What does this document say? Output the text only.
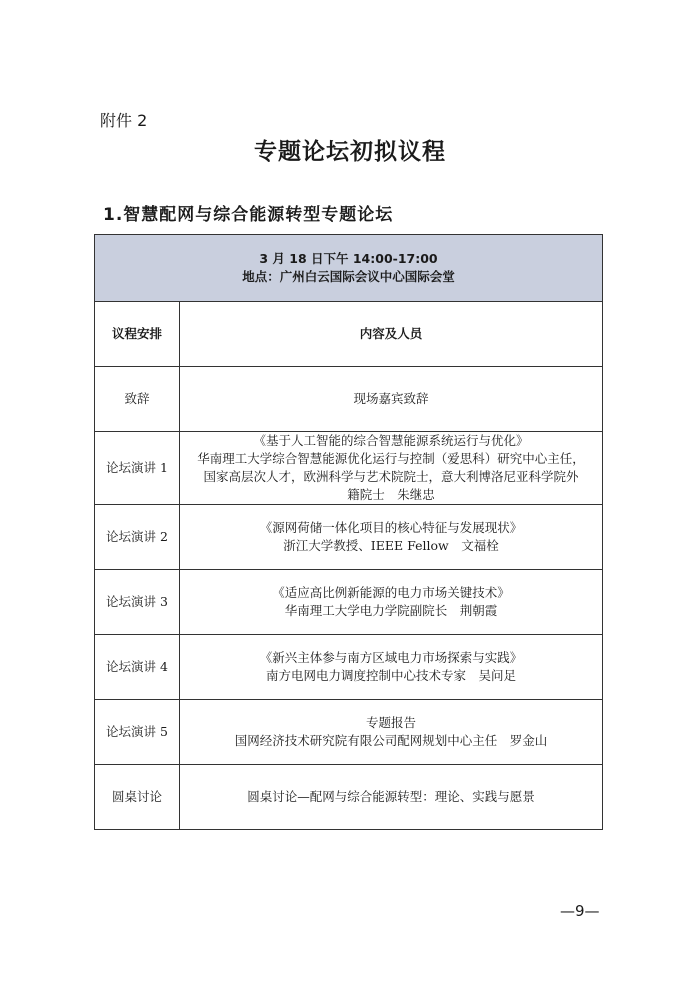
附件 2
专题论坛初拟议程
1.智慧配网与综合能源转型专题论坛
3 月 18 日下午 14:00-17:00
地点：广州白云国际会议中心国际会堂	

议程安排	内容及人员
致辞	现场嘉宾致辞

论坛演讲 1	《基于人工智能的综合智慧能源系统运行与优化》
华南理工大学综合智慧能源优化运行与控制（爱思科）研究中心主任，
国家高层次人才，欧洲科学与艺术院院士，意大利博洛尼亚科学院外
籍院士　朱继忠

论坛演讲 2	《源网荷储一体化项目的核心特征与发展现状》
浙江大学教授、IEEE Fellow　文福栓

论坛演讲 3	《适应高比例新能源的电力市场关键技术》
华南理工大学电力学院副院长　荆朝霞

论坛演讲 4	《新兴主体参与南方区域电力市场探索与实践》
南方电网电力调度控制中心技术专家　吴问足

论坛演讲 5	专题报告
国网经济技术研究院有限公司配网规划中心主任　罗金山

圆桌讨论	圆桌讨论—配网与综合能源转型：理论、实践与愿景
—9—
